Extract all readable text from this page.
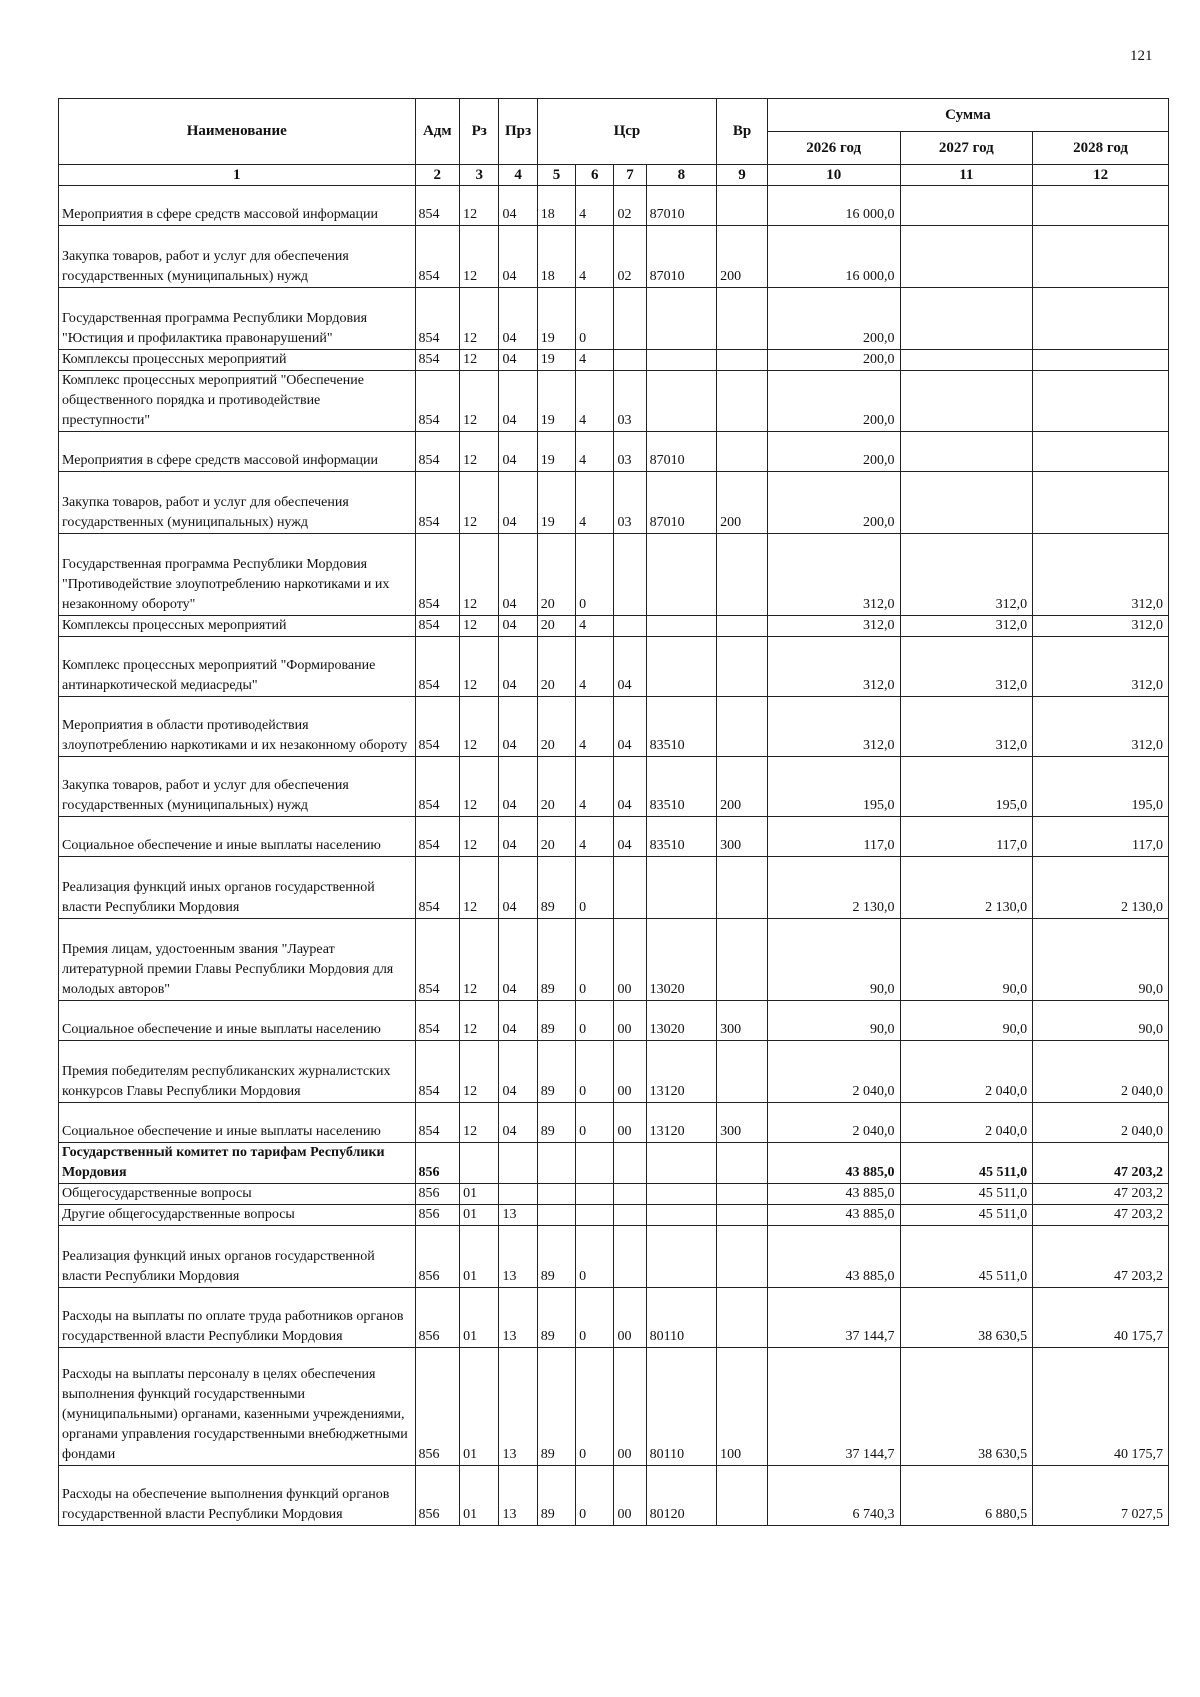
121
Наименование	Адм	Рз	Прз	Цср				Вр	Сумма		
									2026 год	2027 год	2028 год
1	2	3	4	5	6	7	8	9	10	11	12
Мероприятия в сфере средств массовой информации	854	12	04	18	4	02	87010		16 000,0		
Закупка товаров, работ и услуг для обеспечения государственных (муниципальных) нужд	854	12	04	18	4	02	87010	200	16 000,0		
Государственная программа Республики Мордовия "Юстиция и профилактика правонарушений"	854	12	04	19	0				200,0		
Комплексы процессных мероприятий	854	12	04	19	4				200,0		
Комплекс процессных мероприятий "Обеспечение общественного порядка и противодействие преступности"	854	12	04	19	4	03			200,0		
Мероприятия в сфере средств массовой информации	854	12	04	19	4	03	87010		200,0		
Закупка товаров, работ и услуг для обеспечения государственных (муниципальных) нужд	854	12	04	19	4	03	87010	200	200,0		
Государственная программа Республики Мордовия "Противодействие злоупотреблению наркотиками и их незаконному обороту"	854	12	04	20	0				312,0	312,0	312,0
Комплексы процессных мероприятий	854	12	04	20	4				312,0	312,0	312,0
Комплекс процессных мероприятий "Формирование антинаркотической медиасреды"	854	12	04	20	4	04			312,0	312,0	312,0
Мероприятия в области противодействия злоупотреблению наркотиками и их незаконному обороту	854	12	04	20	4	04	83510		312,0	312,0	312,0
Закупка товаров, работ и услуг для обеспечения государственных (муниципальных) нужд	854	12	04	20	4	04	83510	200	195,0	195,0	195,0
Социальное обеспечение и иные выплаты населению	854	12	04	20	4	04	83510	300	117,0	117,0	117,0
Реализация функций иных органов государственной власти Республики Мордовия	854	12	04	89	0				2 130,0	2 130,0	2 130,0
Премия лицам, удостоенным звания "Лауреат литературной премии Главы Республики Мордовия для молодых авторов"	854	12	04	89	0	00	13020		90,0	90,0	90,0
Социальное обеспечение и иные выплаты населению	854	12	04	89	0	00	13020	300	90,0	90,0	90,0
Премия победителям республиканских журналистских конкурсов Главы Республики Мордовия	854	12	04	89	0	00	13120		2 040,0	2 040,0	2 040,0
Социальное обеспечение и иные выплаты населению	854	12	04	89	0	00	13120	300	2 040,0	2 040,0	2 040,0
Государственный комитет по тарифам Республики Мордовия	856								43 885,0	45 511,0	47 203,2
Общегосударственные вопросы	856	01							43 885,0	45 511,0	47 203,2
Другие общегосударственные вопросы	856	01	13						43 885,0	45 511,0	47 203,2
Реализация функций иных органов государственной власти Республики Мордовия	856	01	13	89	0				43 885,0	45 511,0	47 203,2
Расходы на выплаты по оплате труда работников органов государственной власти Республики Мордовия	856	01	13	89	0	00	80110		37 144,7	38 630,5	40 175,7
Расходы на выплаты персоналу в целях обеспечения выполнения функций государственными (муниципальными) органами, казенными учреждениями, органами управления государственными внебюджетными фондами	856	01	13	89	0	00	80110	100	37 144,7	38 630,5	40 175,7
Расходы на обеспечение выполнения функций органов государственной власти Республики Мордовия	856	01	13	89	0	00	80120		6 740,3	6 880,5	7 027,5
